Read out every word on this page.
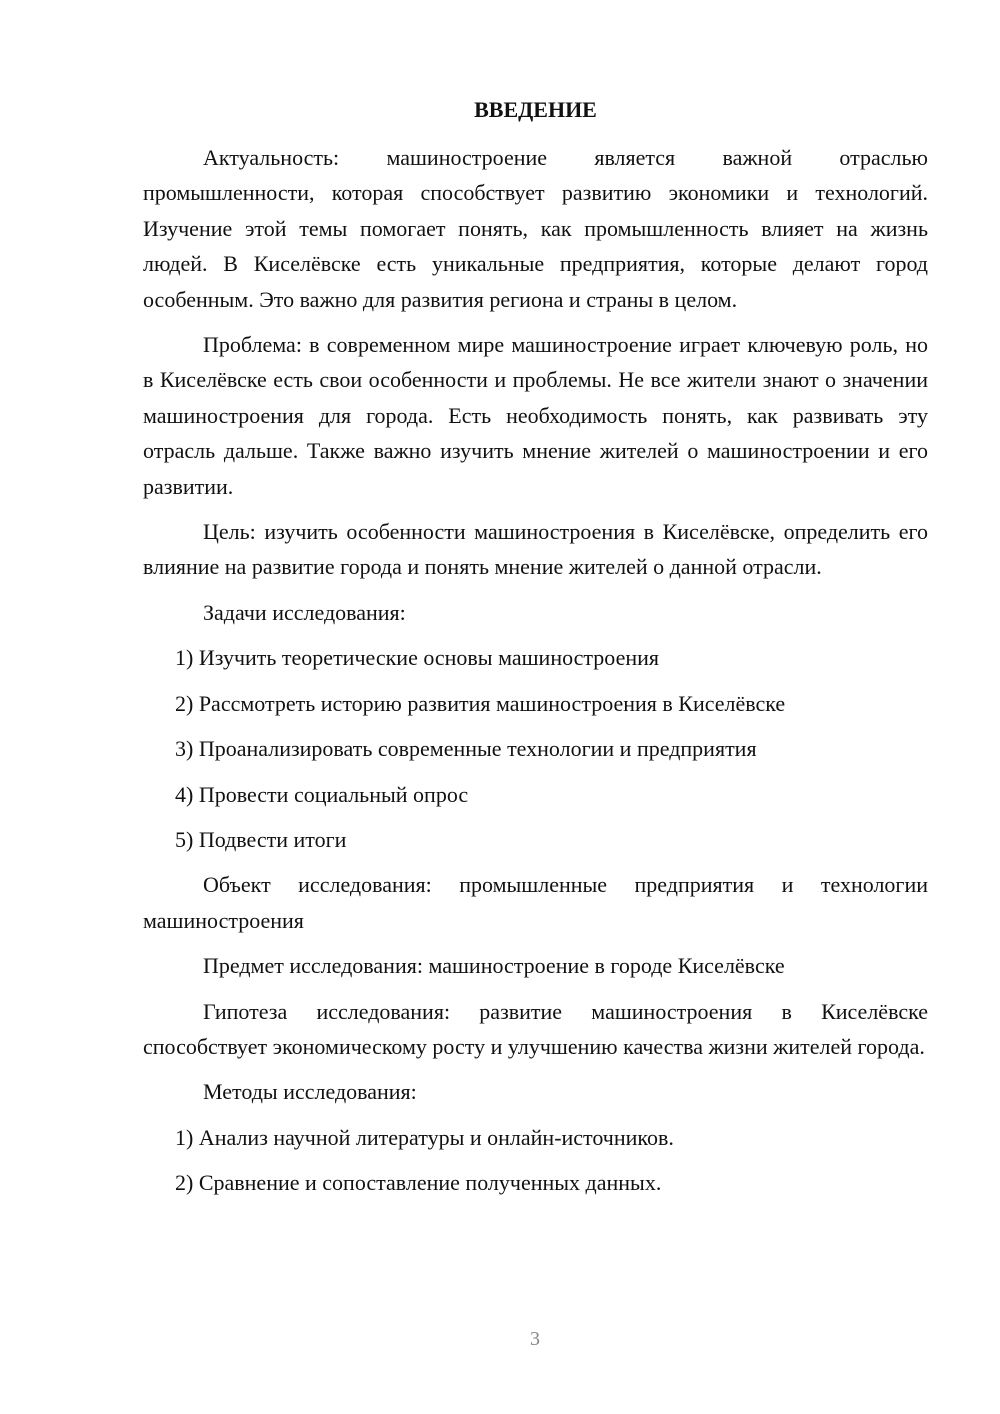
ВВЕДЕНИЕ

Актуальность: машиностроение является важной отраслью промышленности, которая способствует развитию экономики и технологий. Изучение этой темы помогает понять, как промышленность влияет на жизнь людей. В Киселёвске есть уникальные предприятия, которые делают город особенным. Это важно для развития региона и страны в целом.

Проблема: в современном мире машиностроение играет ключевую роль, но в Киселёвске есть свои особенности и проблемы. Не все жители знают о значении машиностроения для города. Есть необходимость понять, как развивать эту отрасль дальше. Также важно изучить мнение жителей о машиностроении и его развитии.

Цель: изучить особенности машиностроения в Киселёвске, определить его влияние на развитие города и понять мнение жителей о данной отрасли.

Задачи исследования:

1) Изучить теоретические основы машиностроения
2) Рассмотреть историю развития машиностроения в Киселёвске
3) Проанализировать современные технологии и предприятия
4) Провести социальный опрос
5) Подвести итоги

Объект исследования: промышленные предприятия и технологии машиностроения

Предмет исследования: машиностроение в городе Киселёвске

Гипотеза исследования: развитие машиностроения в Киселёвске способствует экономическому росту и улучшению качества жизни жителей города.

Методы исследования:

1) Анализ научной литературы и онлайн-источников.
2) Сравнение и сопоставление полученных данных.
3
